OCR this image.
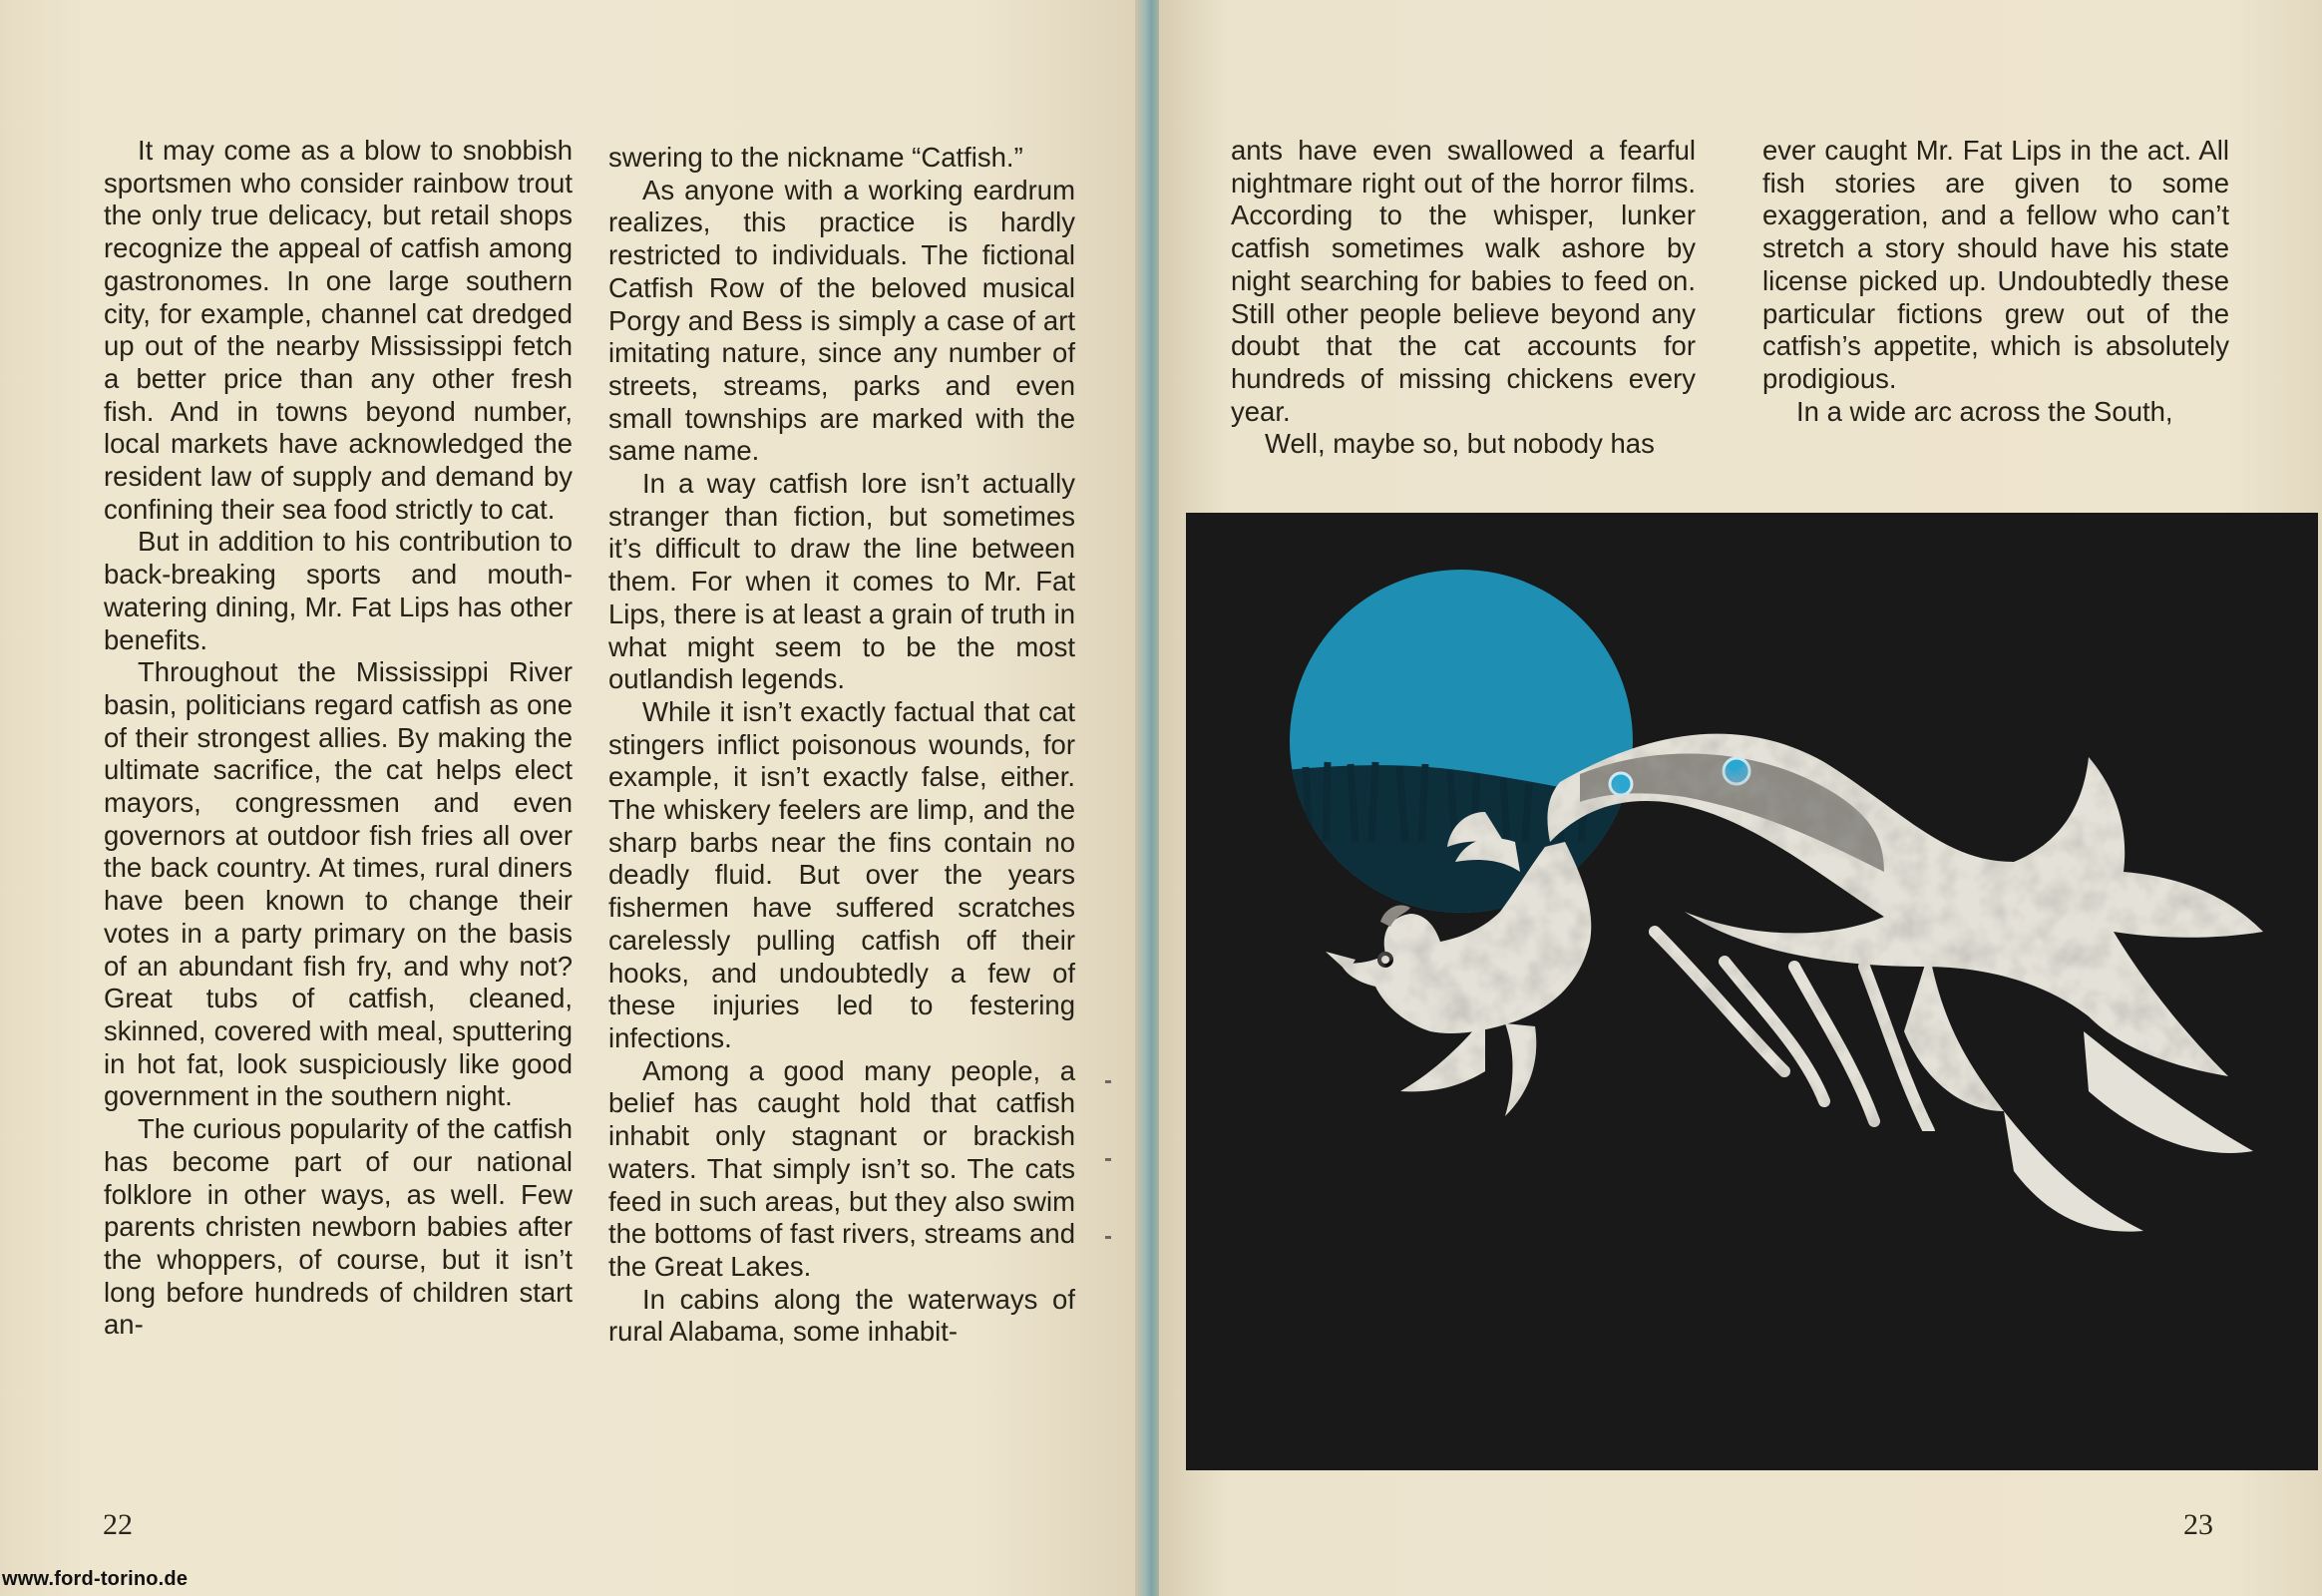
It may come as a blow to snobbish sportsmen who consider rainbow trout the only true delicacy, but retail shops recognize the appeal of catfish among gastronomes. In one large southern city, for example, channel cat dredged up out of the nearby Mississippi fetch a better price than any other fresh fish. And in towns beyond number, local markets have acknowledged the resident law of supply and demand by confining their sea food strictly to cat.

But in addition to his contribution to back-breaking sports and mouth-watering dining, Mr. Fat Lips has other benefits.

Throughout the Mississippi River basin, politicians regard catfish as one of their strongest allies. By making the ultimate sacrifice, the cat helps elect mayors, congressmen and even governors at outdoor fish fries all over the back country. At times, rural diners have been known to change their votes in a party primary on the basis of an abundant fish fry, and why not? Great tubs of catfish, cleaned, skinned, covered with meal, sputtering in hot fat, look suspiciously like good government in the southern night.

The curious popularity of the catfish has become part of our national folklore in other ways, as well. Few parents christen newborn babies after the whoppers, of course, but it isn’t long before hundreds of children start an-

swering to the nickname “Catfish.”

As anyone with a working eardrum realizes, this practice is hardly restricted to individuals. The fictional Catfish Row of the beloved musical Porgy and Bess is simply a case of art imitating nature, since any number of streets, streams, parks and even small townships are marked with the same name.

In a way catfish lore isn’t actually stranger than fiction, but sometimes it’s difficult to draw the line between them. For when it comes to Mr. Fat Lips, there is at least a grain of truth in what might seem to be the most outlandish legends.

While it isn’t exactly factual that cat stingers inflict poisonous wounds, for example, it isn’t exactly false, either. The whiskery feelers are limp, and the sharp barbs near the fins contain no deadly fluid. But over the years fishermen have suffered scratches carelessly pulling catfish off their hooks, and undoubtedly a few of these injuries led to festering infections.

Among a good many people, a belief has caught hold that catfish inhabit only stagnant or brackish waters. That simply isn’t so. The cats feed in such areas, but they also swim the bottoms of fast rivers, streams and the Great Lakes.

In cabins along the waterways of rural Alabama, some inhabit-

22

ants have even swallowed a fearful nightmare right out of the horror films. According to the whisper, lunker catfish sometimes walk ashore by night searching for babies to feed on. Still other people believe beyond any doubt that the cat accounts for hundreds of missing chickens every year.

Well, maybe so, but nobody has

ever caught Mr. Fat Lips in the act. All fish stories are given to some exaggeration, and a fellow who can’t stretch a story should have his state license picked up. Undoubtedly these particular fictions grew out of the catfish’s appetite, which is absolutely prodigious.

In a wide arc across the South,

23
www.ford-torino.de
